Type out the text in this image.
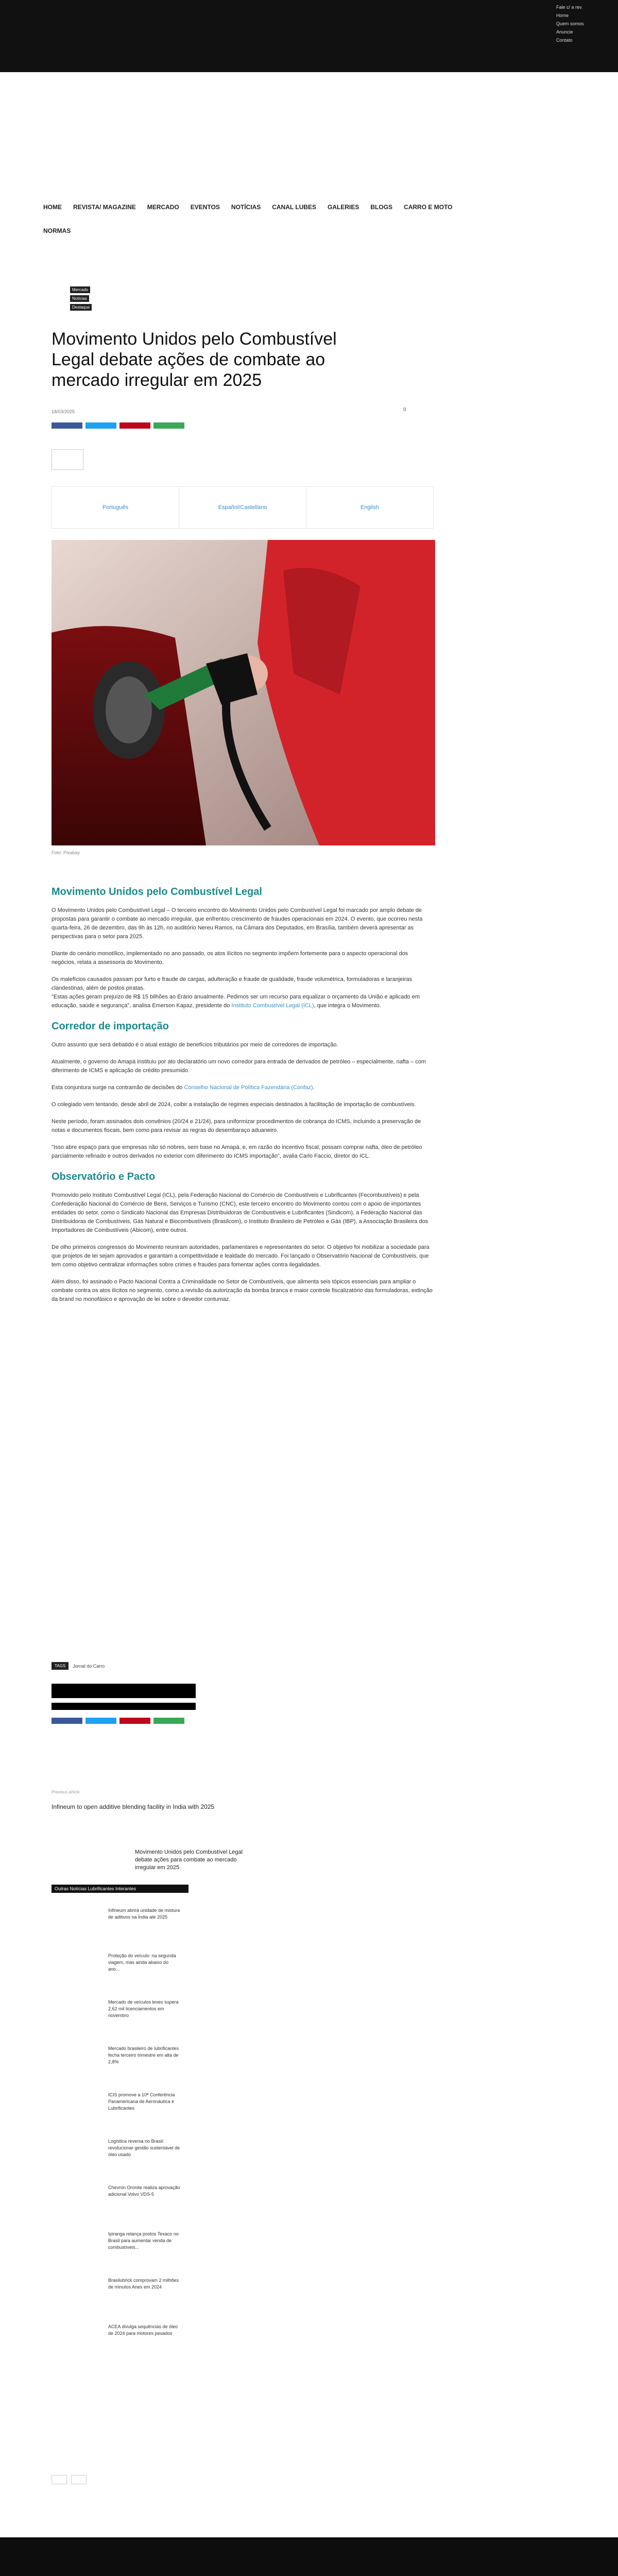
Fale c/ a rev.
Home
Quem somos
Anuncie
Contato
HOME REVISTA/ MAGAZINE MERCADO EVENTOS NOTÍCIAS CANAL LUBES GALERIES BLOGS CARRO E MOTO
NORMAS
Mercado
Notícias
Destaque
Movimento Unidos pelo Combustível Legal debate ações de combate ao mercado irregular em 2025
18/03/2025	0
Português	Español/Castellano	English
Foto: Pixabay
Movimento Unidos pelo Combustível Legal

O Movimento Unidos pelo Combustível Legal – O terceiro encontro do Movimento Unidos pelo Combustível Legal foi marcado por amplo debate de propostas para garantir o combate ao mercado irregular, que enfrentou crescimento de fraudes operacionais em 2024. O evento, que ocorreu nesta quarta-feira, 26 de dezembro, das 9h às 12h, no auditório Nereu Ramos, na Câmara dos Deputados, em Brasília, também deverá apresentar as perspectivas para o setor para 2025.

Diante do cenário monotílico, implementado no ano passado, os atos ilícitos no segmento impõem fortemente para o aspecto operacional dos negócios, relata a assessoria do Movimento.

Os malefícios causados passam por furto e fraude de cargas, adulteração e fraude de qualidade, fraude volumétrica, formuladoras e laranjeiras clandestinas, além de postos piratas.
"Estas ações geram prejuízo de R$ 15 bilhões ao Erário anualmente. Pedimos ser um recurso para equalizar o orçamento da União e aplicado em educação, saúde e segurança", analisa Emerson Kapaz, presidente do Instituto Combustível Legal (ICL), que integra o Movimento.

Corredor de importação

Outro assunto que será debatido é o atual estágio de benefícios tributários por meio de corredores de importação.

Atualmente, o governo do Amapá instituiu por ato declaratório um novo corredor para entrada de derivados de petróleo – especialmente, nafta – com diferimento de ICMS e aplicação de crédito presumido.

Esta conjuntura surge na contramão de decisões do Conselho Nacional de Política Fazendária (Confaz).

O colegiado vem tentando, desde abril de 2024, coibir a instalação de regimes especiais destinados à facilitação de importação de combustíveis.

Neste período, foram assinados dois convênios (20/24 e 21/24), para uniformizar procedimentos de cobrança do ICMS, incluindo a preservação de notas e documentos fiscais, bem como para revisar as regras do desembaraço aduaneiro.

"Isso abre espaço para que empresas não só nobres, sem base no Amapá, e, em razão do incentivo fiscal, possam comprar nafta, óleo de petróleo parcialmente refinado e outros derivados no exterior com diferimento do ICMS importação", avalia Carlo Faccio, diretor do ICL.

Observatório e Pacto

Promovido pelo Instituto Combustível Legal (ICL), pela Federação Nacional do Comércio de Combustíveis e Lubrificantes (Fecombustíveis) e pela Confederação Nacional do Comércio de Bens, Serviços e Turismo (CNC), este terceiro encontro do Movimento contou com o apoio de importantes entidades do setor, como o Sindicato Nacional das Empresas Distribuidoras de Combustíveis e Lubrificantes (Sindicom), a Federação Nacional das Distribuidoras de Combustíveis, Gás Natural e Biocombustíveis (Brasilcom), o Instituto Brasileiro de Petróleo e Gás (IBP), a Associação Brasileira dos Importadores de Combustíveis (Abicom), entre outros.

De olho primeiros congressos do Movimento reuniram autoridades, parlamentares e representantes do setor. O objetivo foi mobilizar a sociedade para que projetos de lei sejam aprovados e garantam a competitividade e lealdade do mercado. Foi lançado o Observatório Nacional de Combustíveis, que tem como objetivo centralizar informações sobre crimes e fraudes para fomentar ações contra ilegalidades.

Além disso, foi assinado o Pacto Nacional Contra a Criminalidade no Setor de Combustíveis, que alimenta seis tópicos essenciais para ampliar o combate contra os atos ilícitos no segmento, como a revisão da autorização da bomba branca e maior controle fiscalizatório das formuladoras, extinção da brand no monofásico e aprovação de lei sobre o devedor contumaz.

TAGS	Jornal do Carro
Previous article
Infineum to open additive blending facility in India with 2025
Movimento Unidos pelo Combustível Legal debate ações para combate ao mercado irregular em 2025
Outras Notícias Lubrificantes Interantes
Infineum abrirá unidade de mistura de aditivos na Índia até 2025
Proteção do veículo: na segunda viagem, mas ainda abaixo do ano...
Mercado de veículos leves supera 2,62 mil licenciamentos em novembro
Mercado brasileiro de lubrificantes fecha terceiro trimestre em alta de 2,8%
ICIS promove a 10ª Conferência Panamericana de Aeronáutica e Lubrificantes
Logística reversa no Brasil: revolucionar gestão sustentável de óleo usado
Chevron Oronite realiza aprovação adicional Volvo VDS-5
Ipiranga relança postos Texaco no Brasil para aumentar venda de combustíveis...
Brasilubrick comprovam 2 milhões de minutos Anes em 2024
ACEA divulga sequências de óleo de 2024 para motores pesados
